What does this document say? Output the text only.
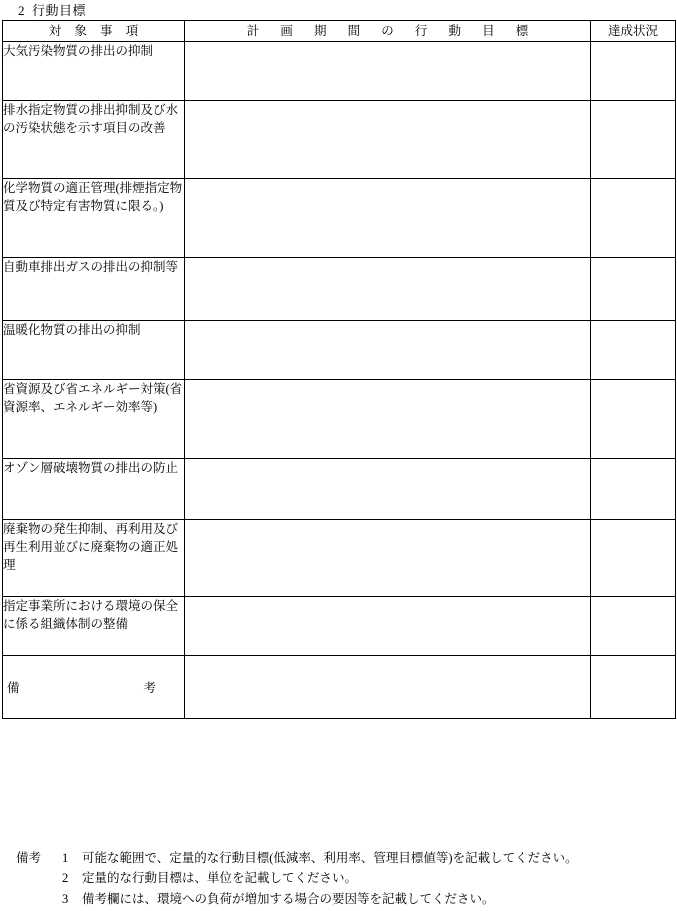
2 行動目標
対 象 事 項	計 画 期 間 の 行 動 目 標	達成状況
大気汚染物質の排出の抑制		
排水指定物質の排出抑制及び水の汚染状態を示す項目の改善		
化学物質の適正管理(排煙指定物質及び特定有害物質に限る。)		
自動車排出ガスの排出の抑制等		
温暖化物質の排出の抑制		
省資源及び省エネルギー対策(省資源率、エネルギー効率等)		
オゾン層破壊物質の排出の防止		
廃棄物の発生抑制、再利用及び再生利用並びに廃棄物の適正処理		
指定事業所における環境の保全に係る組織体制の整備		

備 考		

備考	1	可能な範囲で、定量的な行動目標(低減率、利用率、管理目標値等)を記載してください。
2	定量的な行動目標は、単位を記載してください。
3	備考欄には、環境への負荷が増加する場合の要因等を記載してください。
